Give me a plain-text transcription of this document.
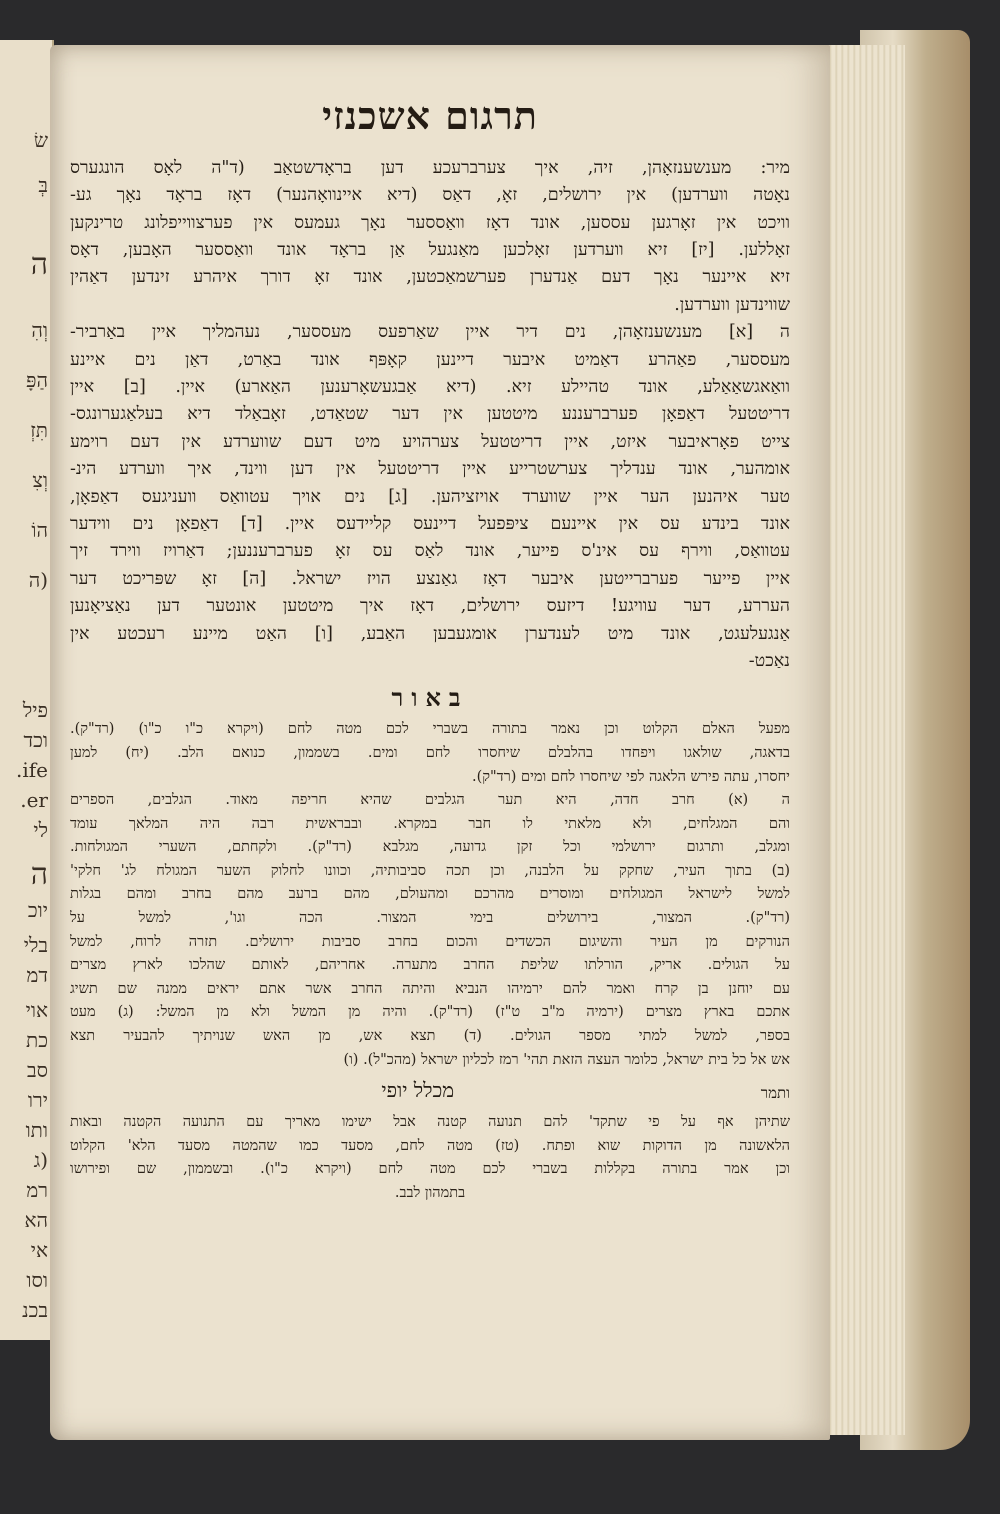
שׂ
בְּ
ה
וְהִ
הַפָּ
תִּזְ
וְצִ
הוֹ
(ה
פיל
וכד
ife.
er.
לי
ה
יוכ
בלי
דמ
אוי
כת
סב
ירו
ותו
(ג
רמ
הא
אי
וסו
בכנ
תרגום אשכנזי
מיר: מענשענזאָהן, זיה, איך צערברעכע דען בראָדשטאַב (ד"ה לאָס הונגערס
נאָטה ווערדען) אין ירושלים, זאָ, דאַס (דיא איינוואָהנער) דאָז בראָד נאָך גע-
וויכט אין זאָרגען עססען, אונד דאָז וואַססער נאָך געמעס אין פערצווייפלונג טרינקען
זאָללען. [יז] זיא ווערדען זאָלכען מאַנגעל אַן בראָד אונד וואַססער האָבען, דאָס
זיא איינער נאָך דעם אַנדערן פערשמאַכטען, אונד זאָ דורך איהרע זינדען דאַהין
שווינדען ווערדען.
ה [א] מענשענזאָהן, נים דיר איין שאַרפעס מעססער, נעהמליך איין באַרביר-
מעססער, פאַהרע דאַמיט איבער דיינען קאָפּף אונד באַרט, דאַן נים איינע
וואַאגשאַאַלע, אונד טהיילע זיא. (דיא אַבגעשאָרענען האַארע) איין. [ב] איין
דריטטעל דאַפאָן פערברעננע מיטטען אין דער שטאַדט, זאָבאַלד דיא בעלאַגערונגס-
צייט פאָראיבער איזט, איין דריטטעל צערהויע מיט דעם שווערדע אין דעם רוימע
אומהער, אונד ענדליך צערשטרייע איין דריטטעל אין דען ווינד, איך ווערדע הינ-
טער איהנען הער איין שווערד אויזציהען. [ג] נים אויך עטוואַס וועניגעס דאַפאָן,
אונד בינדע עס אין איינעם ציפּפעל דיינעס קליידעס איין. [ד] דאַפאָן נים ווידער
עטוואַס, ווירף עס אינ'ס פייער, אונד לאַס עס זאָ פערברעננען; דאַרויז ווירד זיך
איין פייער פערברייטען איבער דאָז גאַנצע הויז ישראל. [ה] זאָ שפּריכט דער
העררע, דער עוויגע! דיזעס ירושלים, דאָז איך מיטטען אונטער דען נאַציאָנען
אַנגעלעגט, אונד מיט לענדערן אומגעבען האַבע, [ו] האַט מיינע רעכטע אין
נאַכט-
באור
מפעל האלם הקלוט וכן נאמר בתורה בשברי לכם מטה לחם (ויקרא כ"ו כ"ו) (רד"ק).
בדאגה, שולאגו ויפחדו בהלבלם שיחסרו לחם ומים. בשממון, כנואם הלב. (יח) למען
יחסרו, עתה פירש הלאגה לפי שיחסרו לחם ומים (רד"ק).
ה (א) חרב חדה, היא תער הגלבים שהיא חריפה מאוד. הגלבים, הספרים
והם המגלחים, ולא מלאתי לו חבר במקרא. ובבראשית רבה היה המלאך עומד
ומגלב, ותרגום ירושלמי וכל זקן גדועה, מגלבא (רד"ק). ולקחתם, השערי המגולחות.
(ב) בתוך העיר, שחקק על הלבנה, וכן תכה סביבותיה, וכוונו לחלוק השער המגולח לג' חלקי'
למשל לישראל המגולחים ומוסרים מהרכם ומהעולם, מהם ברעב מהם בחרב ומהם בגלות
(רד"ק). המצור, בירושלים בימי המצור. הכה וגו', למשל על
הנורקים מן העיר והשיגום הכשדים והכום בחרב סביבות ירושלים. תזרה לרוח, למשל
על הגולים. אריק, הורלתו שליפת החרב מתערה. אחריהם, לאותם שהלכו לארץ מצרים
עם יוחנן בן קרח ואמר להם ירמיהו הנביא והיתה החרב אשר אתם יראים ממנה שם תשיג
אתכם בארץ מצרים (ירמיה מ"ב ט"ז) (רד"ק). והיה מן המשל ולא מן המשל: (ג) מעט
בספר, למשל למתי מספר הגולים. (ד) תצא אש, מן האש שנויתיך להבעיר תצא
אש אל כל בית ישראל, כלומר העצה הזאת תהי' רמז לכליון ישראל (מהכ"ל). (ו)
ותמר
מכלל יופי
שתיהן אף על פי שתקד' להם תנועה קטנה אבל ישימו מאריך עם התנועה הקטנה ובאות
הלאשונה מן הדוקות שוא ופתח. (טז) מטה לחם, מסעד כמו שהמטה מסעד הלא' הקלוט
וכן אמר בתורה בקללות בשברי לכם מטה לחם (ויקרא כ"ו). ובשממון, שם ופירושו
בתמהון לבב.
